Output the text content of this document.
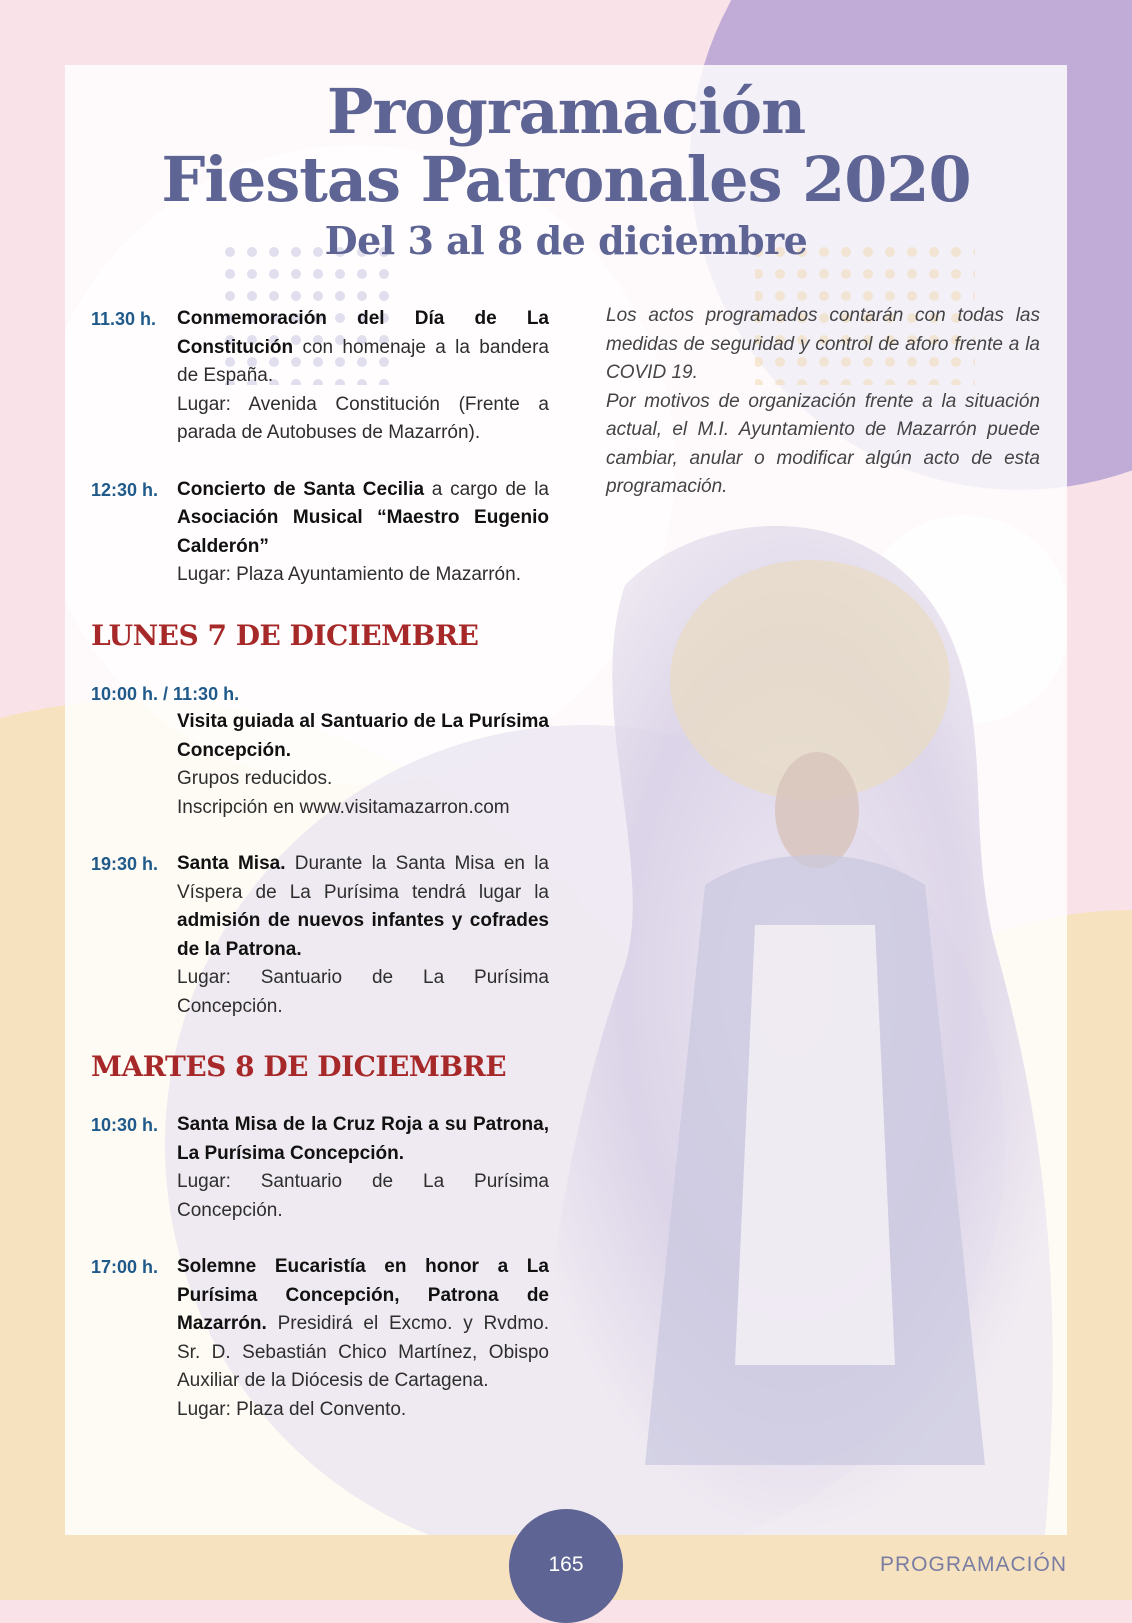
Programación
Fiestas Patronales 2020
Del 3 al 8 de diciembre
11.30 h.	Conmemoración del Día de La Constitución con homenaje a la bandera de España.
Lugar: Avenida Constitución (Frente a parada de Autobuses de Mazarrón).
12:30 h. Concierto de Santa Cecilia a cargo de la Asociación Musical “Maestro Eugenio Calderón”
Lugar: Plaza Ayuntamiento de Mazarrón.
LUNES 7 DE DICIEMBRE
10:00 h. / 11:30 h.
Visita guiada al Santuario de La Purísima Concepción.
Grupos reducidos.
Inscripción en www.visitamazarron.com
19:30 h. Santa Misa. Durante la Santa Misa en la Víspera de La Purísima tendrá lugar la admisión de nuevos infantes y cofrades de la Patrona.
Lugar: Santuario de La Purísima Concepción.
MARTES 8 DE DICIEMBRE
10:30 h. Santa Misa de la Cruz Roja a su Patrona, La Purísima Concepción.
Lugar: Santuario de La Purísima Concepción.
17:00 h. Solemne Eucaristía en honor a La Purísima Concepción, Patrona de Mazarrón. Presidirá el Excmo. y Rvdmo. Sr. D. Sebastián Chico Martínez, Obispo Auxiliar de la Diócesis de Cartagena.
Lugar: Plaza del Convento.

Los actos programados contarán con todas las medidas de seguridad y control de aforo frente a la COVID 19.

Por motivos de organización frente a la situación actual, el M.I. Ayuntamiento de Mazarrón puede cambiar, anular o modificar algún acto de esta programación.

165	PROGRAMACIÓN
